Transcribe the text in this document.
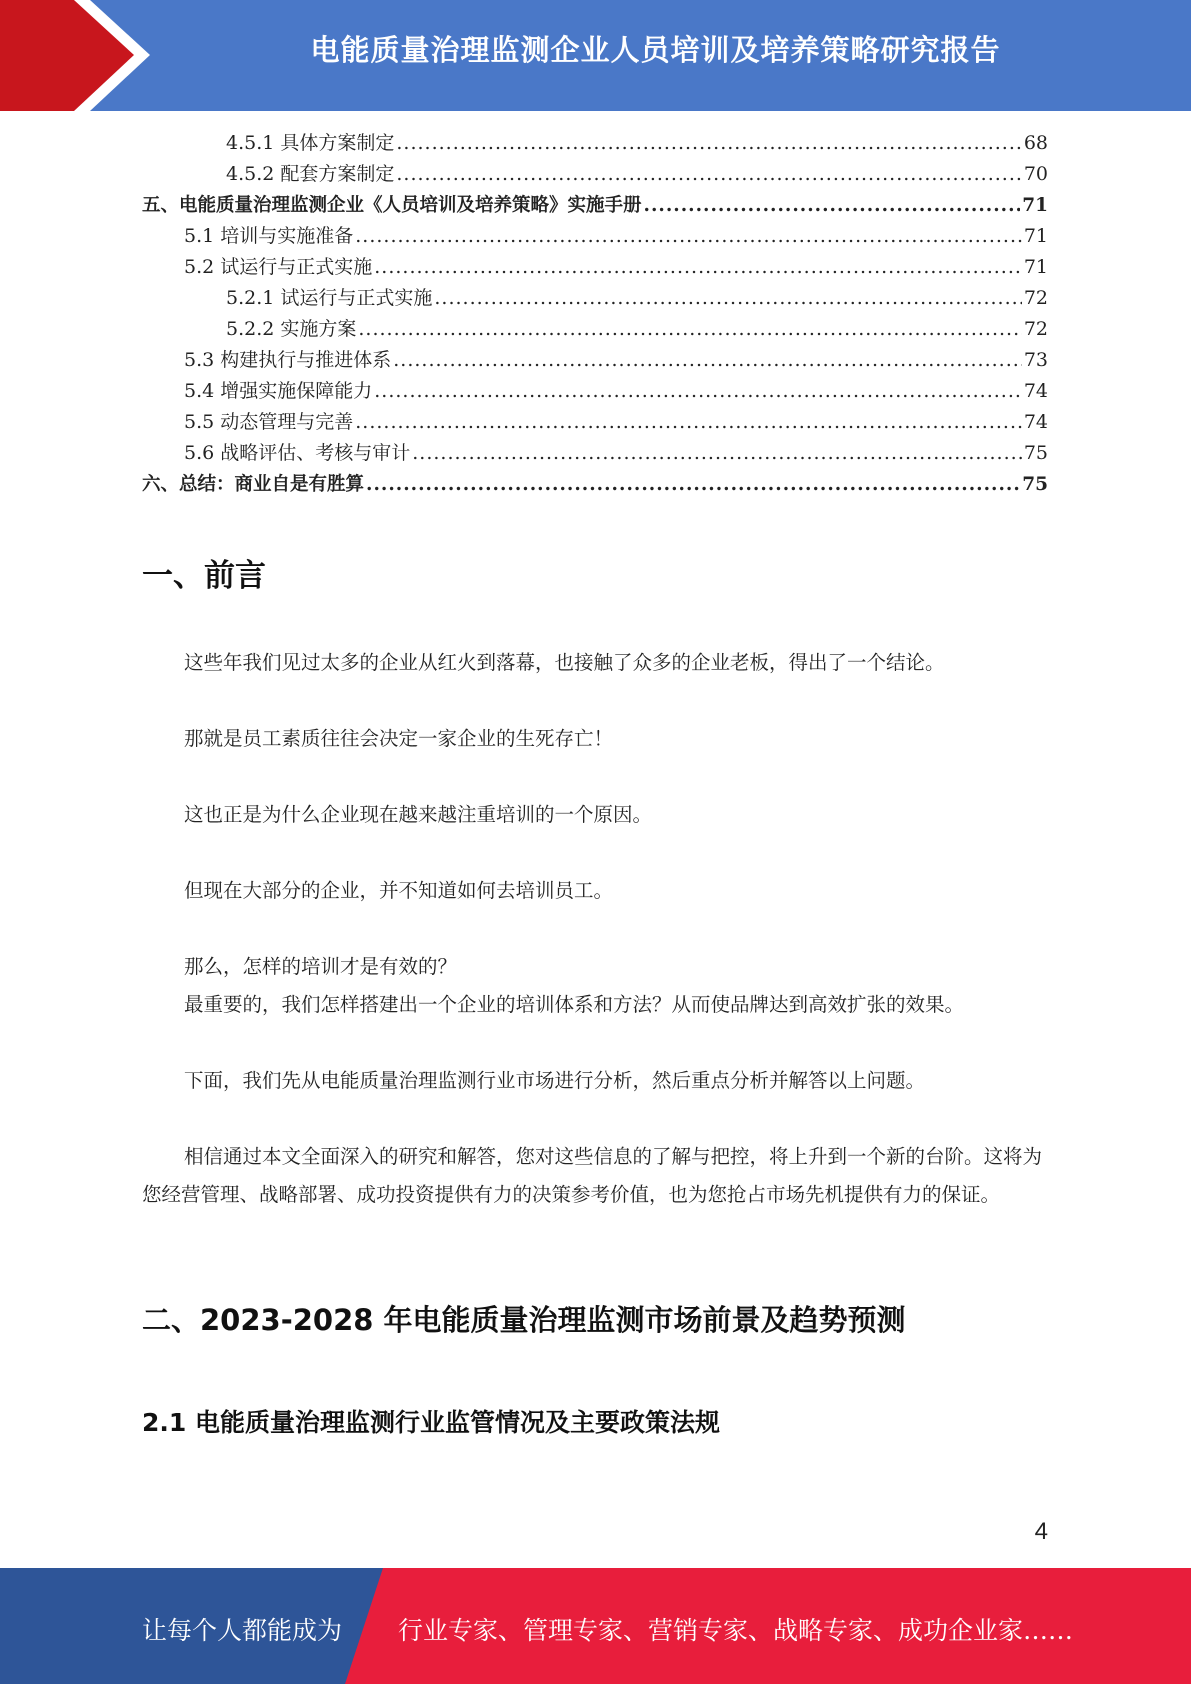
电能质量治理监测企业人员培训及培养策略研究报告
4.5.1 具体方案制定 .....	68
4.5.2 配套方案制定 .....	70
五、电能质量治理监测企业《人员培训及培养策略》实施手册 .....	71
5.1 培训与实施准备 .....	71
5.2 试运行与正式实施 .....	71
5.2.1 试运行与正式实施 .....	72
5.2.2 实施方案 .....	72
5.3 构建执行与推进体系 .....	73
5.4 增强实施保障能力 .....	74
5.5 动态管理与完善 .....	74
5.6 战略评估、考核与审计 .....	75
六、总结：商业自是有胜算 .....	75
一、前言
这些年我们见过太多的企业从红火到落幕，也接触了众多的企业老板，得出了一个结论。
那就是员工素质往往会决定一家企业的生死存亡！
这也正是为什么企业现在越来越注重培训的一个原因。
但现在大部分的企业，并不知道如何去培训员工。
那么，怎样的培训才是有效的？
最重要的，我们怎样搭建出一个企业的培训体系和方法？从而使品牌达到高效扩张的效果。
下面，我们先从电能质量治理监测行业市场进行分析，然后重点分析并解答以上问题。
相信通过本文全面深入的研究和解答，您对这些信息的了解与把控，将上升到一个新的台阶。这将为您经营管理、战略部署、成功投资提供有力的决策参考价值，也为您抢占市场先机提供有力的保证。
二、2023-2028 年电能质量治理监测市场前景及趋势预测
2.1 电能质量治理监测行业监管情况及主要政策法规
4
让每个人都能成为 行业专家、管理专家、营销专家、战略专家、成功企业家……
